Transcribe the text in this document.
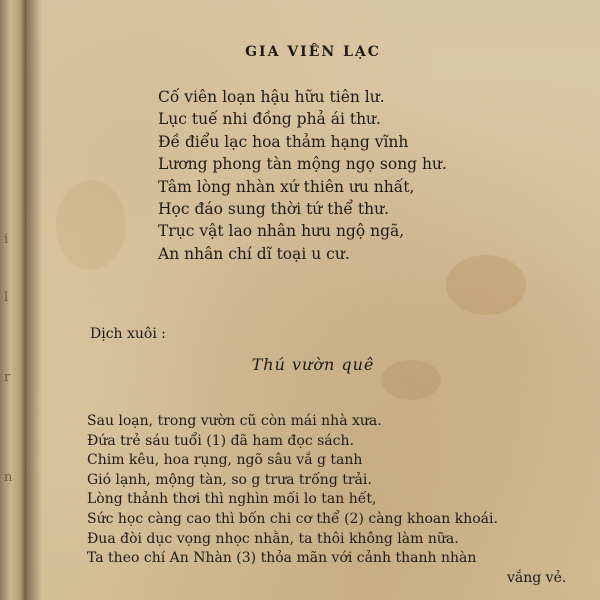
i
l
r
n
GIA VIÊN LẠC
Cố viên loạn hậu hữu tiên lư.
Lục tuế nhi đồng phả ái thư.
Đề điểu lạc hoa thảm hạng vĩnh
Lương phong tàn mộng ngọ song hư.
Tâm lòng nhàn xứ thiên ưu nhất,
Học đáo sung thời tứ thể thư.
Trục vật lao nhân hưu ngộ ngã,
An nhân chí dĩ toại u cư.
Dịch xuôi :
Thú vườn quê
Sau loạn, trong vườn cũ còn mái nhà xưa.
Đứa trẻ sáu tuổi (1) đã ham đọc sách.
Chim kêu, hoa rụng, ngõ sâu vắ g tanh
Gió lạnh, mộng tàn, so g trưa trống trải.
Lòng thảnh thơi thì nghìn mối lo tan hết,
Sức học càng cao thì bốn chi cơ thể (2) càng khoan khoái.
Đua đòi dục vọng nhọc nhằn, ta thôi không làm nữa.
Ta theo chí An Nhàn (3) thỏa mãn với cảnh thanh nhàn
vắng vẻ.
